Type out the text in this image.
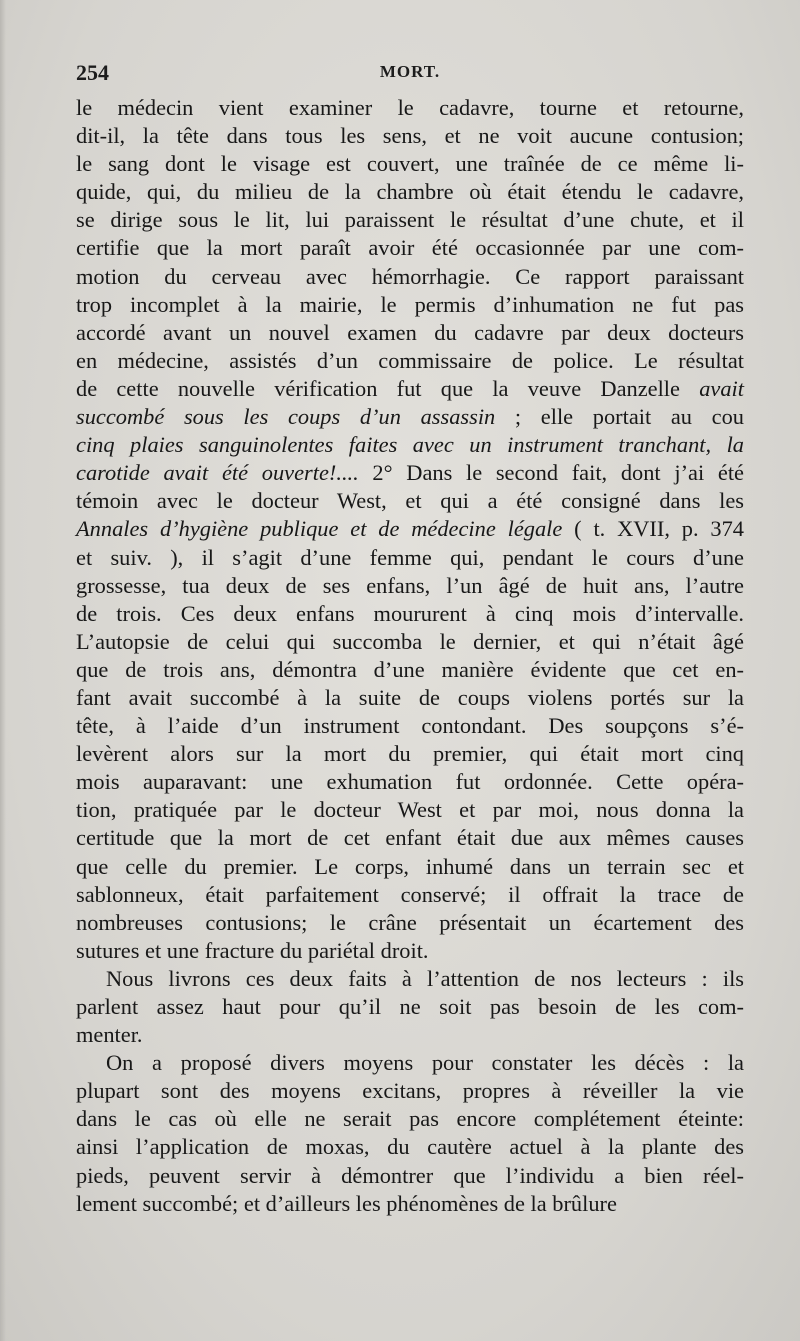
254	MORT.
le médecin vient examiner le cadavre, tourne et retourne,
dit-il, la tête dans tous les sens, et ne voit aucune contusion;
le sang dont le visage est couvert, une traînée de ce même li-
quide, qui, du milieu de la chambre où était étendu le cadavre,
se dirige sous le lit, lui paraissent le résultat d’une chute, et il
certifie que la mort paraît avoir été occasionnée par une com-
motion du cerveau avec hémorrhagie. Ce rapport paraissant
trop incomplet à la mairie, le permis d’inhumation ne fut pas
accordé avant un nouvel examen du cadavre par deux docteurs
en médecine, assistés d’un commissaire de police. Le résultat
de cette nouvelle vérification fut que la veuve Danzelle avait
succombé sous les coups d’un assassin ; elle portait au cou
cinq plaies sanguinolentes faites avec un instrument tranchant, la
carotide avait été ouverte!.... 2° Dans le second fait, dont j’ai été
témoin avec le docteur West, et qui a été consigné dans les
Annales d’hygiène publique et de médecine légale ( t. XVII, p. 374
et suiv. ), il s’agit d’une femme qui, pendant le cours d’une
grossesse, tua deux de ses enfans, l’un âgé de huit ans, l’autre
de trois. Ces deux enfans moururent à cinq mois d’intervalle.
L’autopsie de celui qui succomba le dernier, et qui n’était âgé
que de trois ans, démontra d’une manière évidente que cet en-
fant avait succombé à la suite de coups violens portés sur la
tête, à l’aide d’un instrument contondant. Des soupçons s’é-
levèrent alors sur la mort du premier, qui était mort cinq
mois auparavant: une exhumation fut ordonnée. Cette opéra-
tion, pratiquée par le docteur West et par moi, nous donna la
certitude que la mort de cet enfant était due aux mêmes causes
que celle du premier. Le corps, inhumé dans un terrain sec et
sablonneux, était parfaitement conservé; il offrait la trace de
nombreuses contusions; le crâne présentait un écartement des
sutures et une fracture du pariétal droit.
Nous livrons ces deux faits à l’attention de nos lecteurs : ils
parlent assez haut pour qu’il ne soit pas besoin de les com-
menter.
On a proposé divers moyens pour constater les décès : la
plupart sont des moyens excitans, propres à réveiller la vie
dans le cas où elle ne serait pas encore complétement éteinte:
ainsi l’application de moxas, du cautère actuel à la plante des
pieds, peuvent servir à démontrer que l’individu a bien réel-
lement succombé; et d’ailleurs les phénomènes de la brûlure
